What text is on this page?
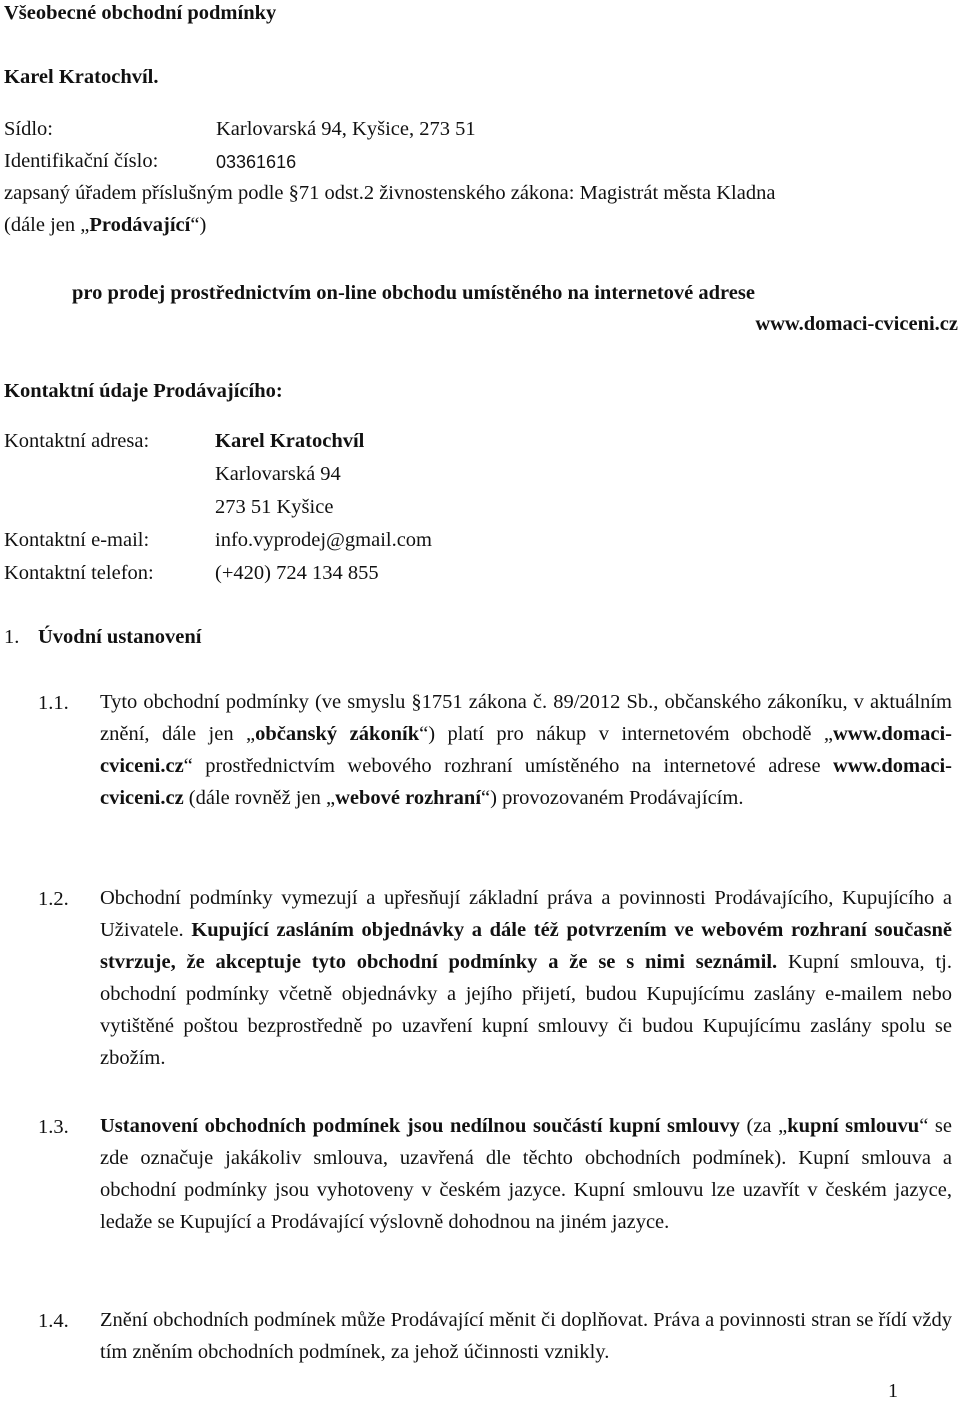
Všeobecné obchodní podmínky
Karel Kratochvíl.
Sídlo:	Karlovarská 94, Kyšice, 273 51
Identifikační číslo:	03361616
zapsaný úřadem příslušným podle §71 odst.2 živnostenského zákona: Magistrát města Kladna
(dále jen „Prodávající“)
pro prodej prostřednictvím on-line obchodu umístěného na internetové adrese
www.domaci-cviceni.cz
Kontaktní údaje Prodávajícího:
Kontaktní adresa:	Karel Kratochvíl
Karlovarská 94
273 51 Kyšice
Kontaktní e-mail:	info.vyprodej@gmail.com
Kontaktní telefon:	(+420) 724 134 855
1. Úvodní ustanovení
1.1. Tyto obchodní podmínky (ve smyslu §1751 zákona č. 89/2012 Sb., občanského zákoníku, v aktuálním znění, dále jen „občanský zákoník“) platí pro nákup v internetovém obchodě „www.domaci-cviceni.cz“ prostřednictvím webového rozhraní umístěného na internetové adrese www.domaci-cviceni.cz (dále rovněž jen „webové rozhraní“) provozovaném Prodávajícím.
1.2. Obchodní podmínky vymezují a upřesňují základní práva a povinnosti Prodávajícího, Kupujícího a Uživatele. Kupující zasláním objednávky a dále též potvrzením ve webovém rozhraní současně stvrzuje, že akceptuje tyto obchodní podmínky a že se s nimi seznámil. Kupní smlouva, tj. obchodní podmínky včetně objednávky a jejího přijetí, budou Kupujícímu zaslány e-mailem nebo vytištěné poštou bezprostředně po uzavření kupní smlouvy či budou Kupujícímu zaslány spolu se zbožím.
1.3. Ustanovení obchodních podmínek jsou nedílnou součástí kupní smlouvy (za „kupní smlouvu“ se zde označuje jakákoliv smlouva, uzavřená dle těchto obchodních podmínek). Kupní smlouva a obchodní podmínky jsou vyhotoveny v českém jazyce. Kupní smlouvu lze uzavřít v českém jazyce, ledaže se Kupující a Prodávající výslovně dohodnou na jiném jazyce.
1.4. Znění obchodních podmínek může Prodávající měnit či doplňovat. Práva a povinnosti stran se řídí vždy tím zněním obchodních podmínek, za jehož účinnosti vznikly.
1
